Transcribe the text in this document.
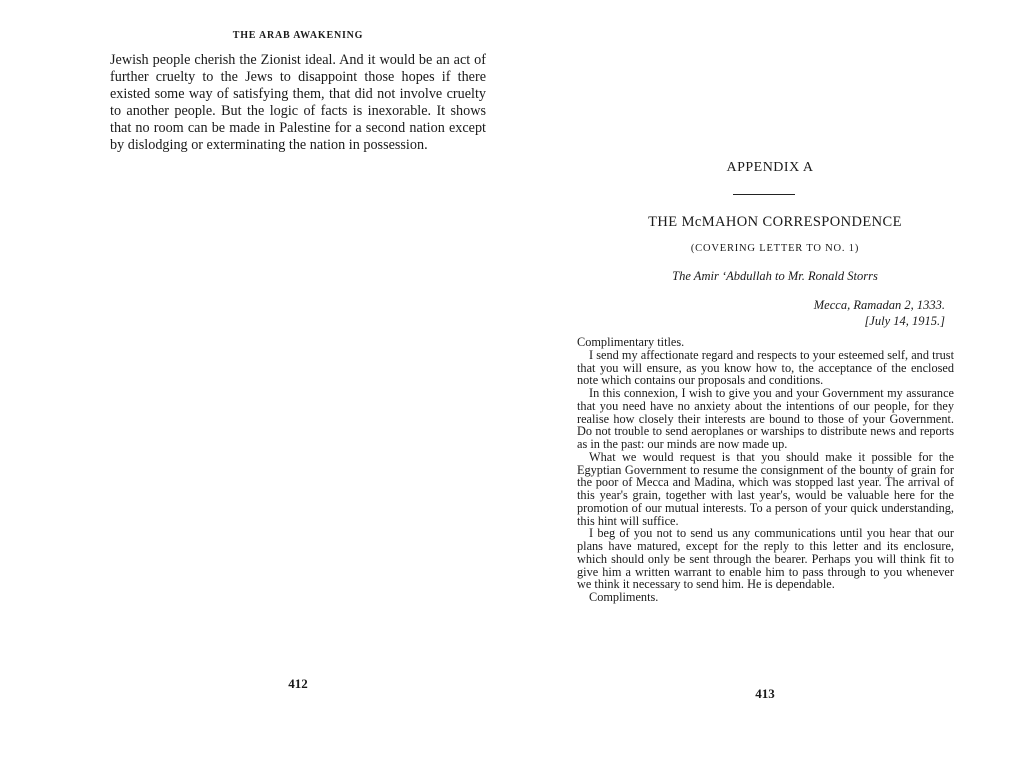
THE ARAB AWAKENING

Jewish people cherish the Zionist ideal. And it would be an act of further cruelty to the Jews to disappoint those hopes if there existed some way of satisfying them, that did not involve cruelty to another people. But the logic of facts is inexorable. It shows that no room can be made in Palestine for a second nation except by dislodging or exterminating the nation in possession.

412
APPENDIX A
THE McMAHON CORRESPONDENCE
(COVERING LETTER TO NO. 1)
The Amir ‘Abdullah to Mr. Ronald Storrs
Mecca, Ramadan 2, 1333.
[July 14, 1915.]

Complimentary titles.

I send my affectionate regard and respects to your esteemed self, and trust that you will ensure, as you know how to, the acceptance of the enclosed note which contains our proposals and conditions.

In this connexion, I wish to give you and your Government my assurance that you need have no anxiety about the intentions of our people, for they realise how closely their interests are bound to those of your Government. Do not trouble to send aeroplanes or warships to distribute news and reports as in the past: our minds are now made up.

What we would request is that you should make it possible for the Egyptian Government to resume the consignment of the bounty of grain for the poor of Mecca and Madina, which was stopped last year. The arrival of this year's grain, together with last year's, would be valuable here for the promotion of our mutual interests. To a person of your quick understanding, this hint will suffice.

I beg of you not to send us any communications until you hear that our plans have matured, except for the reply to this letter and its enclosure, which should only be sent through the bearer. Perhaps you will think fit to give him a written warrant to enable him to pass through to you whenever we think it necessary to send him. He is dependable.

Compliments.

413
